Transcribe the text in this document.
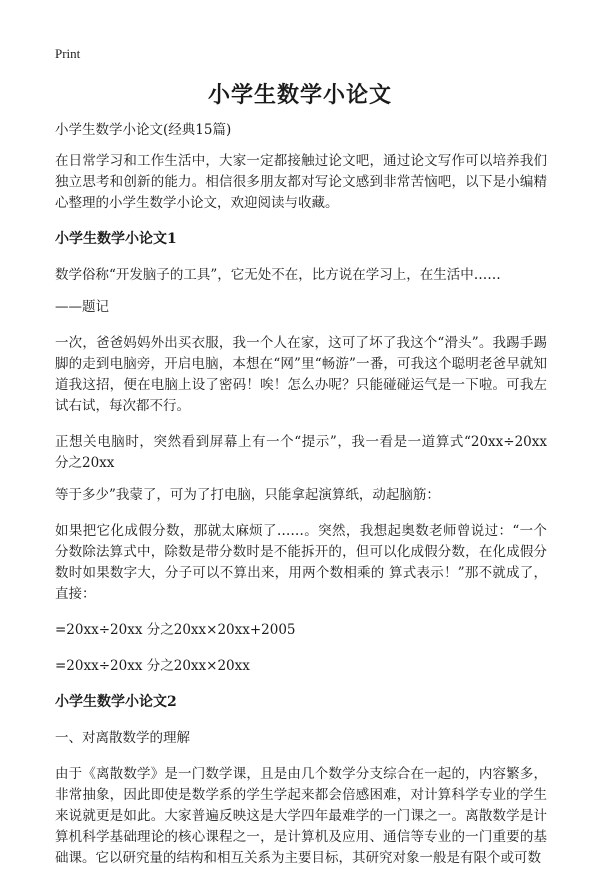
Print
小学生数学小论文

小学生数学小论文(经典15篇)

在日常学习和工作生活中，大家一定都接触过论文吧，通过论文写作可以培养我们独立思考和创新的能力。相信很多朋友都对写论文感到非常苦恼吧，以下是小编精心整理的小学生数学小论文，欢迎阅读与收藏。

小学生数学小论文1

数学俗称“开发脑子的工具”，它无处不在，比方说在学习上，在生活中……

——题记

一次，爸爸妈妈外出买衣服，我一个人在家，这可了坏了我这个“滑头”。我踢手踢脚的走到电脑旁，开启电脑，本想在“网”里“畅游”一番，可我这个聪明老爸早就知道我这招，便在电脑上设了密码！唉！怎么办呢？只能碰碰运气是一下啦。可我左试右试，每次都不行。

正想关电脑时，突然看到屏幕上有一个“提示”，我一看是一道算式“20xx÷20xx 分之20xx

等于多少”我蒙了，可为了打电脑，只能拿起演算纸，动起脑筋：

如果把它化成假分数，那就太麻烦了……。突然，我想起奥数老师曾说过：“一个分数除法算式中，除数是带分数时是不能拆开的，但可以化成假分数，在化成假分数时如果数字大，分子可以不算出来，用两个数相乘的 算式表示！”那不就成了，直接：

=20xx÷20xx 分之20xx×20xx+2005

=20xx÷20xx 分之20xx×20xx

小学生数学小论文2

一、对离散数学的理解

由于《离散数学》是一门数学课，且是由几个数学分支综合在一起的，内容繁多，非常抽象，因此即使是数学系的学生学起来都会倍感困难，对计算科学专业的学生来说就更是如此。大家普遍反映这是大学四年最难学的一门课之一。离散数学是计算机科学基础理论的核心课程之一，是计算机及应用、通信等专业的一门重要的基础课。它以研究量的结构和相互关系为主要目标，其研究对象一般是有限个或可数
